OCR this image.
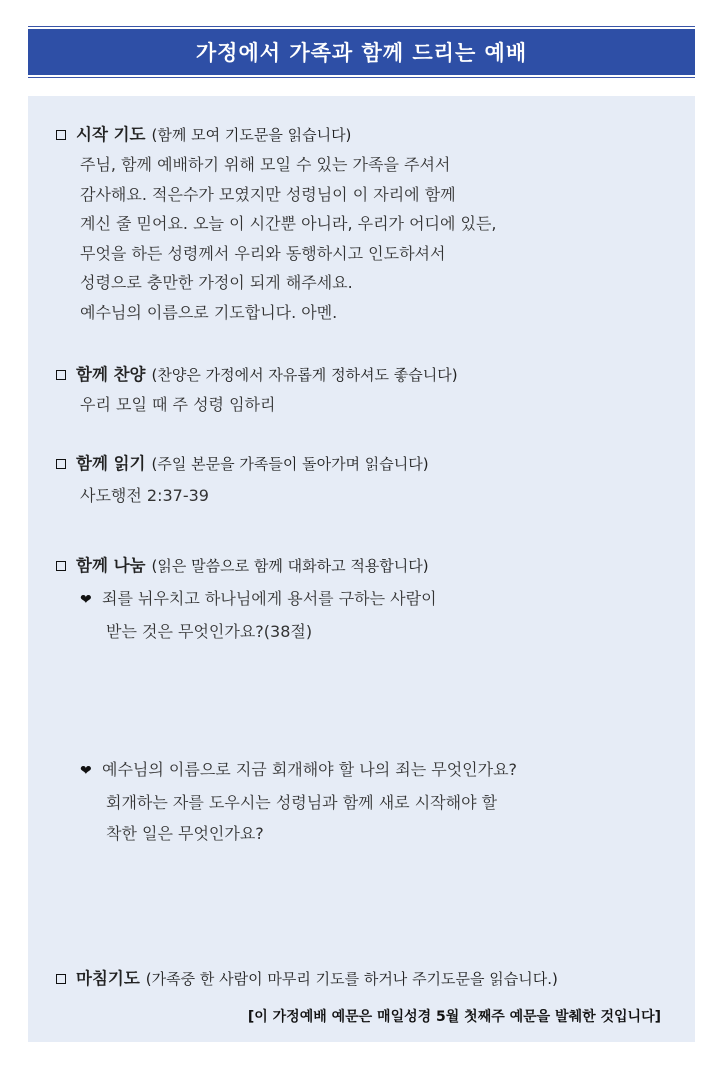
가정에서 가족과 함께 드리는 예배
시작 기도 (함께 모여 기도문을 읽습니다)
주님, 함께 예배하기 위해 모일 수 있는 가족을 주셔서
감사해요. 적은수가 모였지만 성령님이 이 자리에 함께
계신 줄 믿어요. 오늘 이 시간뿐 아니라, 우리가 어디에 있든,
무엇을 하든 성령께서 우리와 동행하시고 인도하셔서
성령으로 충만한 가정이 되게 해주세요.
예수님의 이름으로 기도합니다. 아멘.
함께 찬양 (찬양은 가정에서 자유롭게 정하셔도 좋습니다)
우리 모일 때 주 성령 임하리
함께 읽기 (주일 본문을 가족들이 돌아가며 읽습니다)
사도행전 2:37-39
함께 나눔 (읽은 말씀으로 함께 대화하고 적용합니다)
❤ 죄를 뉘우치고 하나님에게 용서를 구하는 사람이
받는 것은 무엇인가요?(38절)
❤ 예수님의 이름으로 지금 회개해야 할 나의 죄는 무엇인가요?
회개하는 자를 도우시는 성령님과 함께 새로 시작해야 할
착한 일은 무엇인가요?
마침기도 (가족중 한 사람이 마무리 기도를 하거나 주기도문을 읽습니다.)
[이 가정예배 예문은 매일성경 5월 첫째주 예문을 발췌한 것입니다]
